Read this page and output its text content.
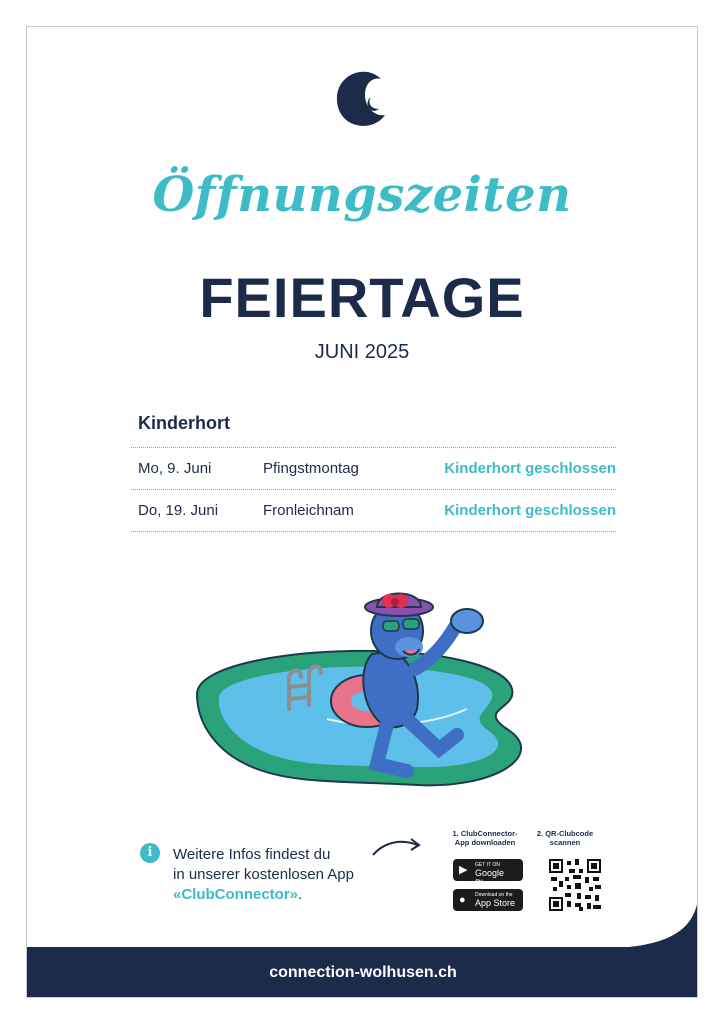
Öffnungszeiten
FEIERTAGE
JUNI 2025
Kinderhort
Mo, 9. Juni	Pfingstmontag	Kinderhort geschlossen
Do, 19. Juni	Fronleichnam	Kinderhort geschlossen
i	Weitere Infos findest du
in unserer kostenlosen App
«ClubConnector».
1. ClubConnector-
App downloaden
2. QR-Clubcode
scannen
▶ GET IT ON
Google Play
● Download on the
App Store
connection-wolhusen.ch
